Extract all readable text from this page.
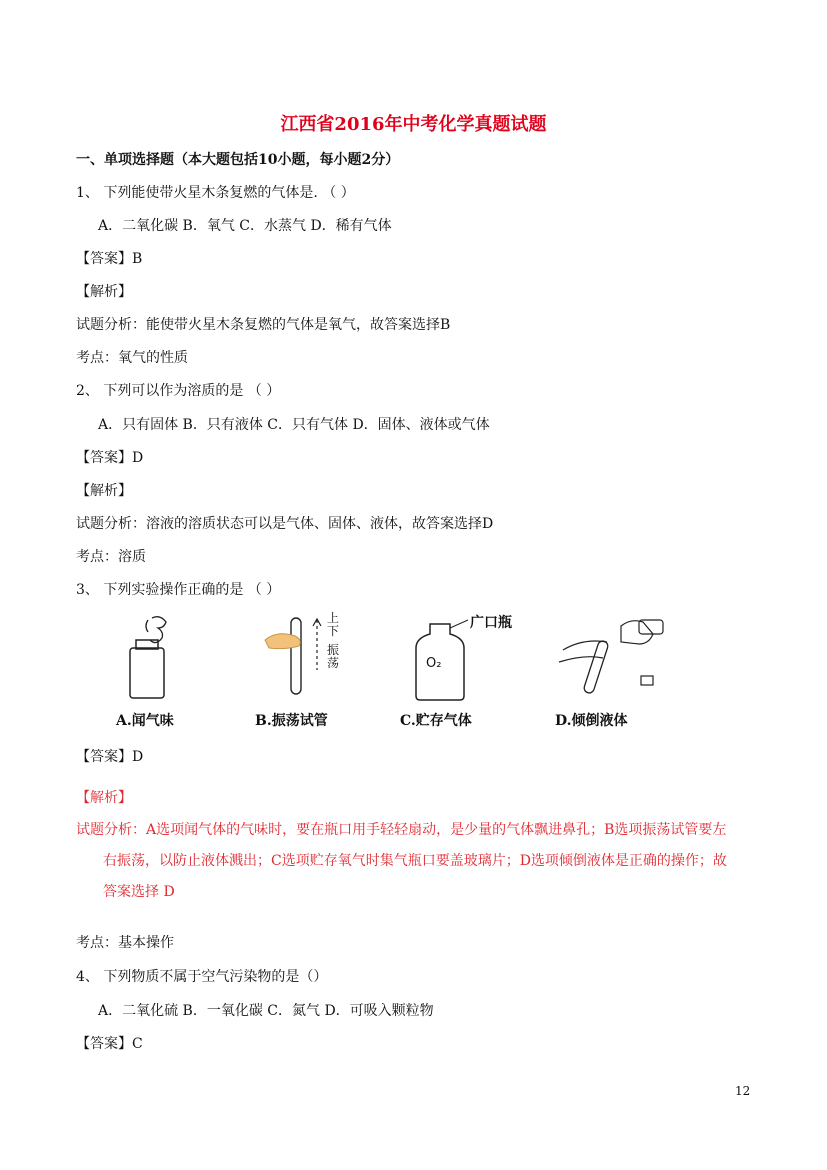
江西省2016年中考化学真题试题
一、单项选择题（本大题包括10小题，每小题2分）
1、 下列能使带火星木条复燃的气体是. （ ）
A．二氧化碳 B．氧气 C．水蒸气 D．稀有气体
【答案】B
【解析】
试题分析：能使带火星木条复燃的气体是氧气，故答案选择B
考点：氧气的性质
2、 下列可以作为溶质的是 （ ）
A．只有固体 B．只有液体 C．只有气体 D．固体、液体或气体
【答案】D
【解析】
试题分析：溶液的溶质状态可以是气体、固体、液体，故答案选择D
考点：溶质
3、 下列实验操作正确的是 （ ）
A.闻气味
上
下
振
荡
B.振荡试管
O₂
广口瓶
C.贮存气体	D.倾倒液体
【答案】D
【解析】
试题分析：A选项闻气体的气味时，要在瓶口用手轻轻扇动，是少量的气体飘进鼻孔；B选项振荡试管要左
右振荡，以防止液体溅出；C选项贮存氧气时集气瓶口要盖玻璃片；D选项倾倒液体是正确的操作；故
答案选择 D
考点：基本操作
4、 下列物质不属于空气污染物的是（）
A．二氧化硫 B．一氧化碳 C．氮气 D．可吸入颗粒物
【答案】C
12
